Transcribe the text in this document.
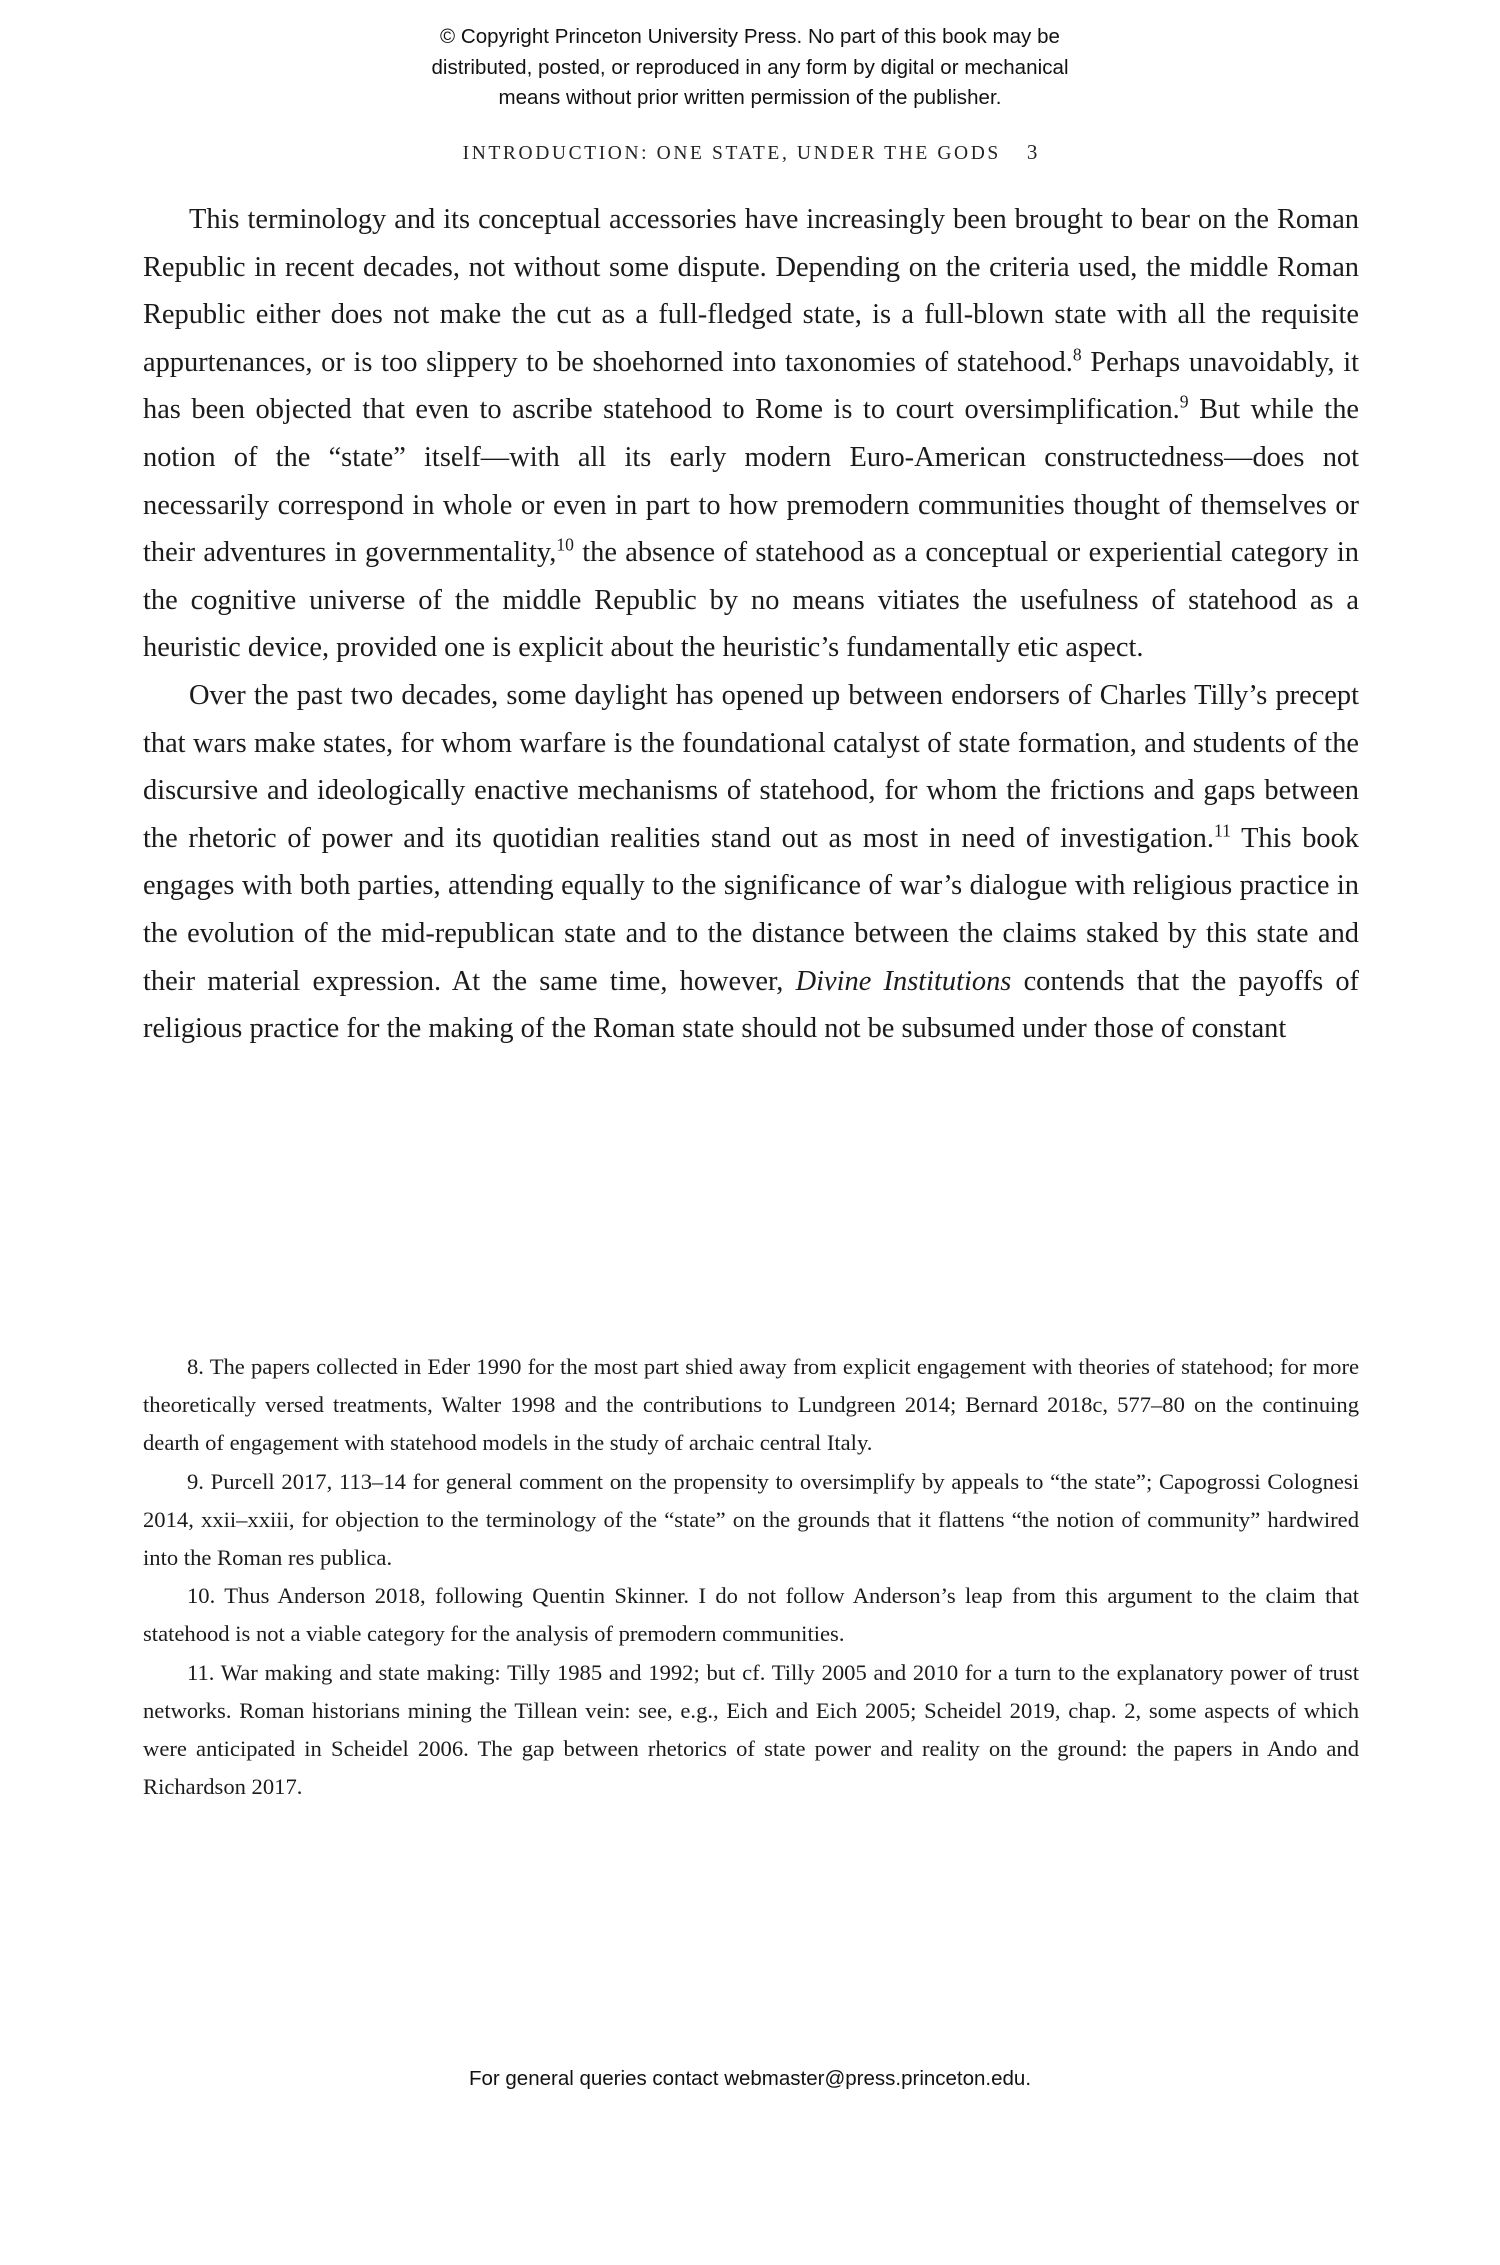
© Copyright Princeton University Press. No part of this book may be
distributed, posted, or reproduced in any form by digital or mechanical
means without prior written permission of the publisher.
INTRODUCTION: ONE STATE, UNDER THE GODS 3

This terminology and its conceptual accessories have increasingly been brought to bear on the Roman Republic in recent decades, not without some dispute. Depending on the criteria used, the middle Roman Republic either does not make the cut as a full-fledged state, is a full-blown state with all the requisite appurtenances, or is too slippery to be shoehorned into taxonomies of statehood.$^8$ Perhaps unavoidably, it has been objected that even to ascribe statehood to Rome is to court oversimplification.$^9$ But while the notion of the “state” itself—with all its early modern Euro-American constructedness—does not necessarily correspond in whole or even in part to how premodern communities thought of themselves or their adventures in governmentality,$^{10}$ the absence of statehood as a conceptual or experiential category in the cognitive universe of the middle Republic by no means vitiates the usefulness of statehood as a heuristic device, provided one is explicit about the heuristic’s fundamentally etic aspect.

Over the past two decades, some daylight has opened up between endorsers of Charles Tilly’s precept that wars make states, for whom warfare is the foundational catalyst of state formation, and students of the discursive and ideologically enactive mechanisms of statehood, for whom the frictions and gaps between the rhetoric of power and its quotidian realities stand out as most in need of investigation.$^{11}$ This book engages with both parties, attending equally to the significance of war’s dialogue with religious practice in the evolution of the mid-republican state and to the distance between the claims staked by this state and their material expression. At the same time, however, Divine Institutions contends that the payoffs of religious practice for the making of the Roman state should not be subsumed under those of constant

8. The papers collected in Eder 1990 for the most part shied away from explicit engagement with theories of statehood; for more theoretically versed treatments, Walter 1998 and the contributions to Lundgreen 2014; Bernard 2018c, 577–80 on the continuing dearth of engagement with statehood models in the study of archaic central Italy.

9. Purcell 2017, 113–14 for general comment on the propensity to oversimplify by appeals to “the state”; Capogrossi Colognesi 2014, xxii–xxiii, for objection to the terminology of the “state” on the grounds that it flattens “the notion of community” hardwired into the Roman res publica.

10. Thus Anderson 2018, following Quentin Skinner. I do not follow Anderson’s leap from this argument to the claim that statehood is not a viable category for the analysis of premodern communities.

11. War making and state making: Tilly 1985 and 1992; but cf. Tilly 2005 and 2010 for a turn to the explanatory power of trust networks. Roman historians mining the Tillean vein: see, e.g., Eich and Eich 2005; Scheidel 2019, chap. 2, some aspects of which were anticipated in Scheidel 2006. The gap between rhetorics of state power and reality on the ground: the papers in Ando and Richardson 2017.

For general queries contact webmaster@press.princeton.edu.
